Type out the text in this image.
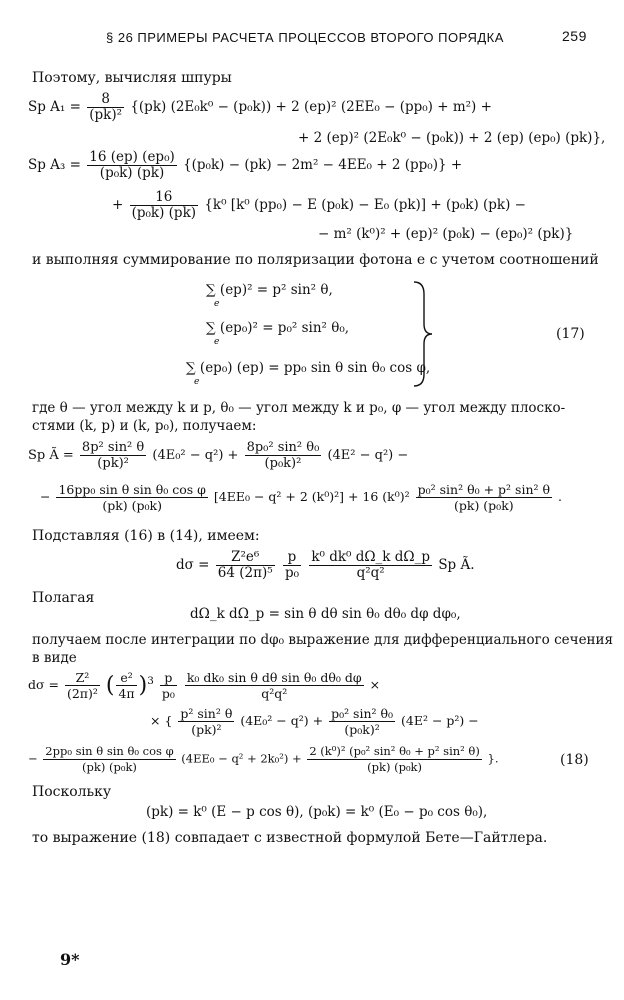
§ 26 ПРИМЕРЫ РАСЧЕТА ПРОЦЕССОВ ВТОРОГО ПОРЯДКА	259
Поэтому, вычисляя шпуры
Sp $A_1 = \frac{8}{\text{(pk)²}} \{(pk) (2E_0k^0 - (p_0k)) + 2$ (ep)² (2EE₀ − (pp₀) + m²) +
+ 2 (ep)² (2E₀k⁰ − (p₀k)) + 2 (ep) (ep₀) (pk)},
Sp $A_3 = \frac{\text{16 (ep) (ep₀)}}{\text{(p₀k) (pk)}} \{(p_0k) - (pk) - 2m^2 - 4EE_0 + 2$ (pp₀)} +
+ $\frac{16}{\text{(p₀k) (pk)}} \{k^0$ [k⁰ (pp₀) − E (p₀k) − E₀ (pk)] + (p₀k) (pk) −
− m² (k⁰)² + (ep)² (p₀k) − (ep₀)² (pk)}
и выполняя суммирование по поляризации фотона e с учетом соотношений
∑ (ep)² = p² sin² θ,
e
∑ (ep₀)² = p₀² sin² θ₀,
e
∑ (ep₀) (ep) = pp₀ sin θ sin θ₀ cos φ,
e
(17)
где θ — угол между k и p, θ₀ — угол между k и p₀, φ — угол между плоско-
стями (k, p) и (k, p₀), получаем:
Sp Ã = $\frac{\text{8p² sin² θ}}{\text{(pk)²}} (4E_0^2 - q^2) + \frac{\text{8p₀² sin² θ₀}}{\text{(p₀k)²}} (4E^2 - q^2)$ −
− $\frac{\text{16pp₀ sin θ sin θ₀ cos φ}}{\text{(pk) (p₀k)}} [4EE_0 - q^2 + 2$ (k⁰)²] + 16 $(k^0)^2 \frac{\text{p₀² sin² θ₀ + p² sin² θ}}{\text{(pk) (p₀k)}}$ .
Подставляя (16) в (14), имеем:
$d\sigma = \frac{\text{Z²e⁶}}{\text{64 (2π)⁵}}$
$\frac{p}{\text{p₀}}$
$\frac{\text{k⁰ dk⁰ dΩ\_k dΩ\_p}}{\text{q²q²}}$ Sp Ã.
Полагая
dΩ_k dΩ_p = sin θ dθ sin θ₀ dθ₀ dφ dφ₀,
получаем после интеграции по dφ₀ выражение для дифференциального сечения
в виде
$d\sigma = \frac{\text{Z²}}{\text{(2π)²}}$ ( $\frac{\text{e²}}{4\pi} )^3 \frac{p}{\text{p₀}}$
$\frac{\text{k₀ dk₀ sin θ dθ sin θ₀ dθ₀ dφ}}{\text{q²q²}}$ ×
× { $\frac{\text{p² sin² θ}}{\text{(pk)²}} (4E_0^2 - q^2) + \frac{\text{p₀² sin² θ₀}}{\text{(p₀k)²}} (4E^2 - p^2)$ −
− $\frac{\text{2pp₀ sin θ sin θ₀ cos φ}}{\text{(pk) (p₀k)}} (4EE_0 - q^2 + 2k_0^2) + \frac{\text{2 (k⁰)² (p₀² sin² θ₀ + p² sin² θ)}}{\text{(pk) (p₀k)}}$ }.	(18)
Поскольку
(pk) = k⁰ (E − p cos θ), (p₀k) = k⁰ (E₀ − p₀ cos θ₀),
то выражение (18) совпадает с известной формулой Бете—Гайтлера.
9*
